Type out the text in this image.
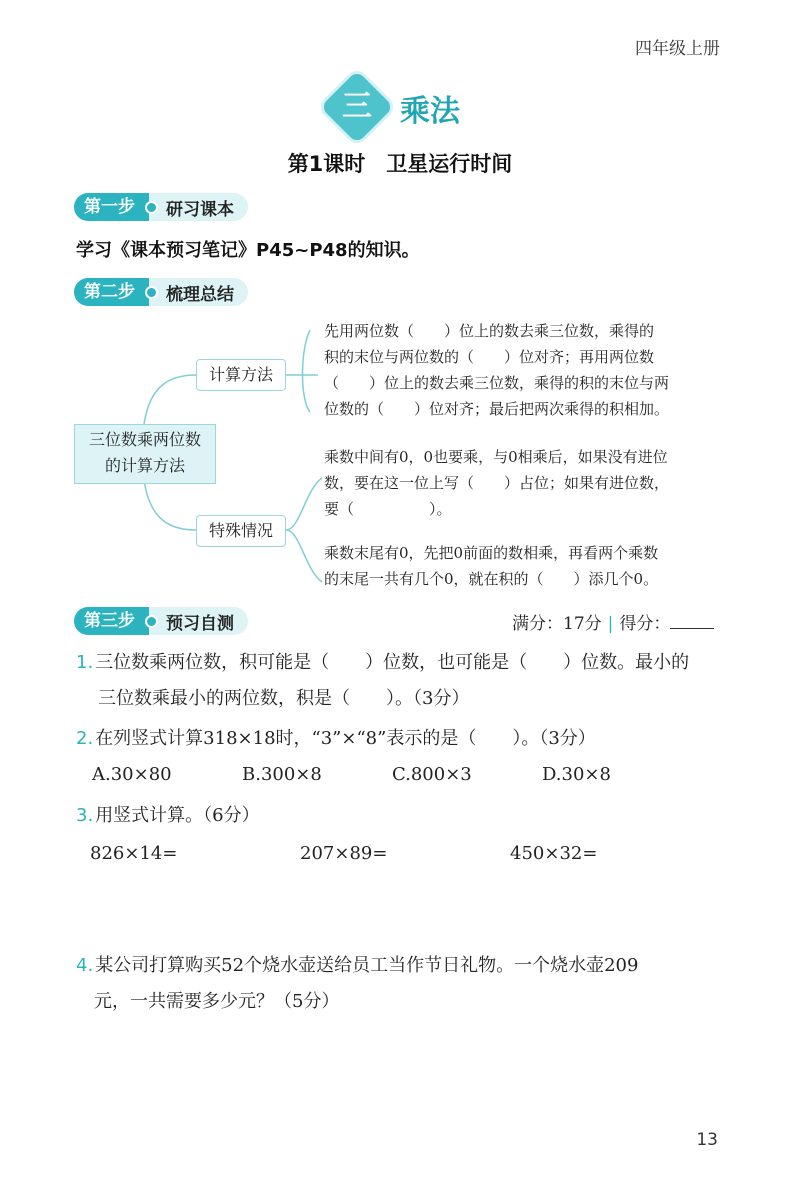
四年级上册
三 乘法
第1课时　卫星运行时间
第一步	研习课本
学习《课本预习笔记》P45~P48的知识。
第二步	梳理总结
三位数乘两位数
的计算方法
计算方法
特殊情况
先用两位数（　　）位上的数去乘三位数，乘得的
积的末位与两位数的（　　）位对齐；再用两位数
（　　）位上的数去乘三位数，乘得的积的末位与两
位数的（　　）位对齐；最后把两次乘得的积相加。
乘数中间有0，0也要乘，与0相乘后，如果没有进位
数，要在这一位上写（　　）占位；如果有进位数，
要（　　　　　）。
乘数末尾有0，先把0前面的数相乘，再看两个乘数
的末尾一共有几个0，就在积的（　　）添几个0。
第三步	预习自测	满分：17分 | 得分：
1. 三位数乘两位数，积可能是（　　）位数，也可能是（　　）位数。最小的
三位数乘最小的两位数，积是（　　）。（3分）
2. 在列竖式计算318×18时，“3”×“8”表示的是（　　）。（3分）
A.30×80	B.300×8	C.800×3	D.30×8
3. 用竖式计算。（6分）
826×14=	207×89=	450×32=
4. 某公司打算购买52个烧水壶送给员工当作节日礼物。一个烧水壶209
元，一共需要多少元？（5分）
13
